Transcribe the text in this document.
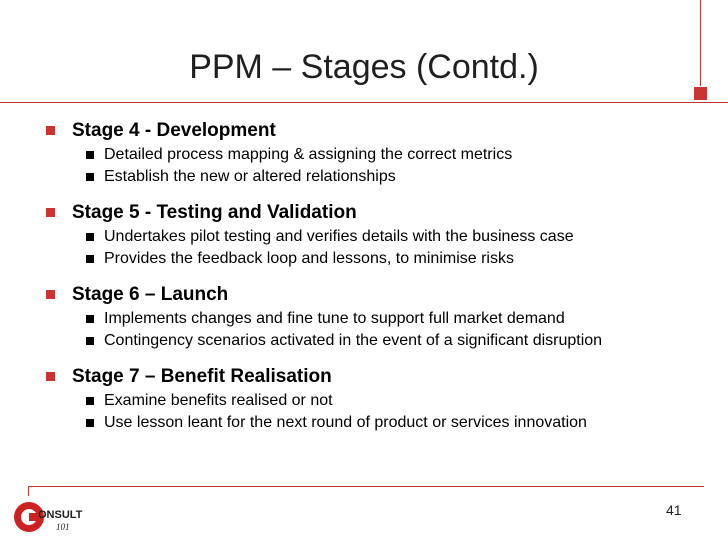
PPM – Stages (Contd.)
Stage 4 - Development
Detailed process mapping & assigning the correct metrics
Establish the new or altered relationships
Stage 5 - Testing and Validation
Undertakes pilot testing and verifies details with the business case
Provides the feedback loop and lessons, to minimise risks
Stage 6 – Launch
Implements changes and fine tune to support full market demand
Contingency scenarios activated in the event of a significant disruption
Stage 7 – Benefit Realisation
Examine benefits realised or not
Use lesson leant for the next round of product or services innovation
ONSULT
101
41
